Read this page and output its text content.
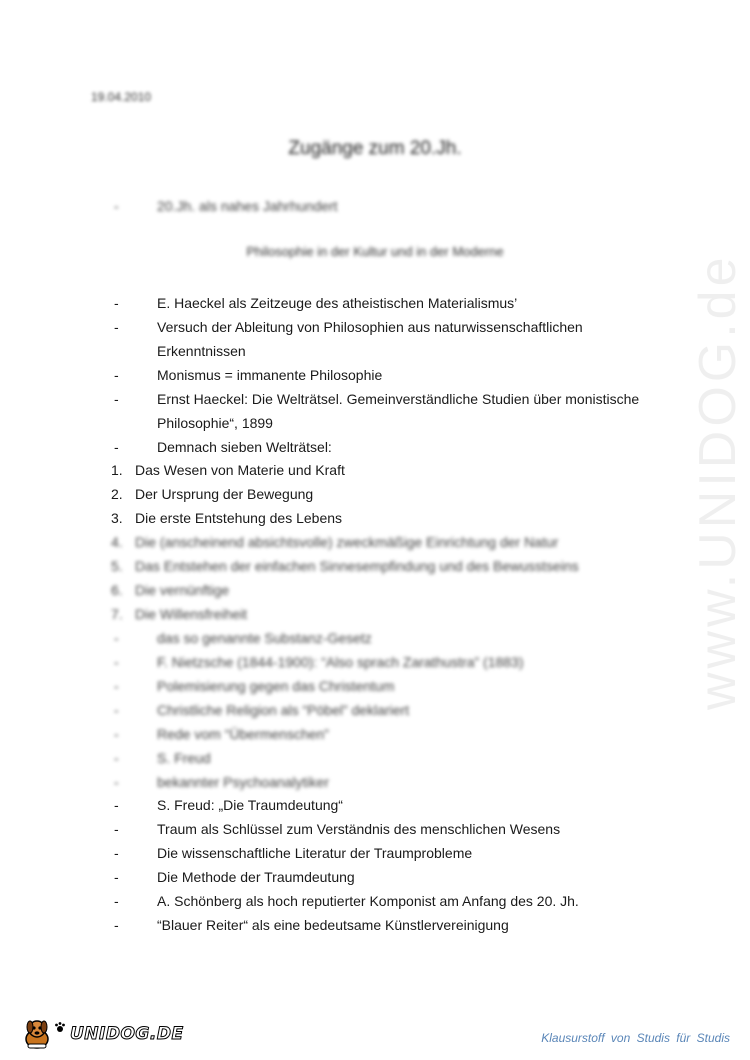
www.UNIDOG.de
19.04.2010
Zugänge zum 20.Jh.
Philosophie in der Kultur und in der Moderne
-	20.Jh. als nahes Jahrhundert
-	E. Haeckel als Zeitzeuge des atheistischen Materialismus’
-	Versuch der Ableitung von Philosophien aus naturwissenschaftlichen
Erkenntnissen
-	Monismus = immanente Philosophie
-	Ernst Haeckel: Die Welträtsel. Gemeinverständliche Studien über monistische
Philosophie“, 1899
-	Demnach sieben Welträtsel:
1. Das Wesen von Materie und Kraft
2. Der Ursprung der Bewegung
3. Die erste Entstehung des Lebens
4. Die (anscheinend absichtsvolle) zweckmäßige Einrichtung der Natur
5. Das Entstehen der einfachen Sinnesempfindung und des Bewusstseins
6. Die vernünftige
7. Die Willensfreiheit
-	das so genannte Substanz-Gesetz
-	F. Nietzsche (1844-1900): “Also sprach Zarathustra” (1883)
-	Polemisierung gegen das Christentum
-	Christliche Religion als “Pöbel” deklariert
-	Rede vom “Übermenschen”
-	S. Freud
-	bekannter Psychoanalytiker
-	S. Freud: „Die Traumdeutung“
-	Traum als Schlüssel zum Verständnis des menschlichen Wesens
-	Die wissenschaftliche Literatur der Traumprobleme
-	Die Methode der Traumdeutung
-	A. Schönberg als hoch reputierter Komponist am Anfang des 20. Jh.
-	“Blauer Reiter“ als eine bedeutsame Künstlervereinigung
UNIDOG.DE	Klausurstoff von Studis für Studis
